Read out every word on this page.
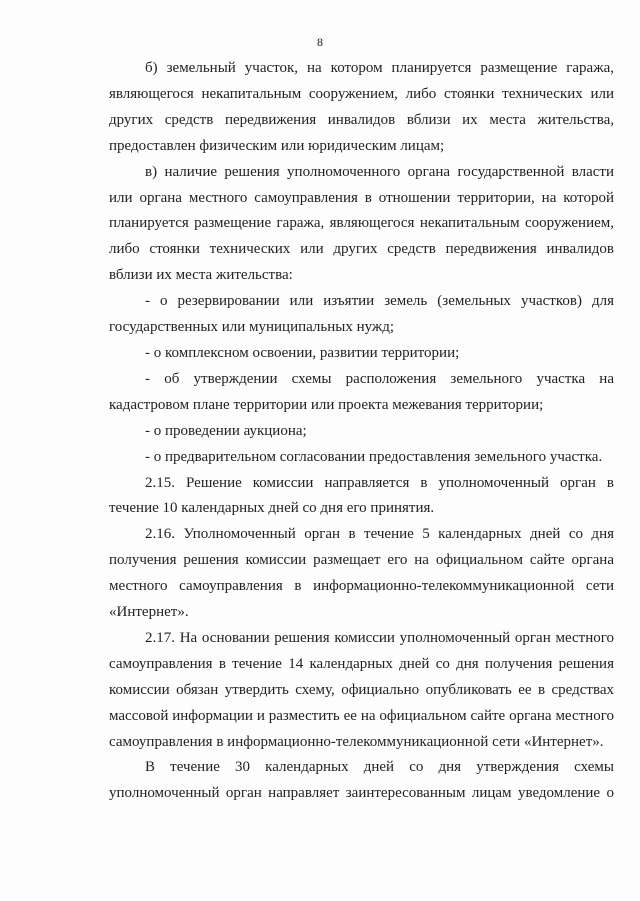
8

б) земельный участок, на котором планируется размещение гаража, являющегося некапитальным сооружением, либо стоянки технических или других средств передвижения инвалидов вблизи их места жительства, предоставлен физическим или юридическим лицам;

в) наличие решения уполномоченного органа государственной власти или органа местного самоуправления в отношении территории, на которой планируется размещение гаража, являющегося некапитальным сооружением, либо стоянки технических или других средств передвижения инвалидов вблизи их места жительства:

- о резервировании или изъятии земель (земельных участков) для государственных или муниципальных нужд;

- о комплексном освоении, развитии территории;

- об утверждении схемы расположения земельного участка на кадастровом плане территории или проекта межевания территории;

- о проведении аукциона;

- о предварительном согласовании предоставления земельного участка.

2.15. Решение комиссии направляется в уполномоченный орган в течение 10 календарных дней со дня его принятия.

2.16. Уполномоченный орган в течение 5 календарных дней со дня получения решения комиссии размещает его на официальном сайте органа местного самоуправления в информационно-телекоммуникационной сети «Интернет».

2.17. На основании решения комиссии уполномоченный орган местного самоуправления в течение 14 календарных дней со дня получения решения комиссии обязан утвердить схему, официально опубликовать ее в средствах массовой информации и разместить ее на официальном сайте органа местного самоуправления в информационно-телекоммуникационной сети «Интернет».

В течение 30 календарных дней со дня утверждения схемы уполномоченный орган направляет заинтересованным лицам уведомление о
